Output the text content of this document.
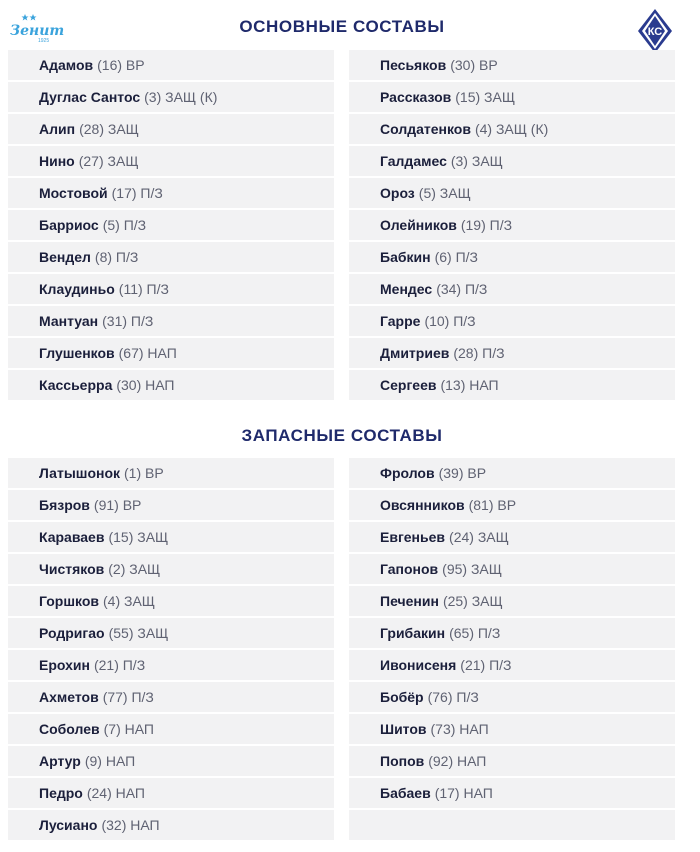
Зенит
1925
КС
ОСНОВНЫЕ СОСТАВЫ
Адамов (16) ВР
Дуглас Сантос (3) ЗАЩ (К)
Алип (28) ЗАЩ
Нино (27) ЗАЩ
Мостовой (17) П/З
Барриос (5) П/З
Вендел (8) П/З
Клаудиньо (11) П/З
Мантуан (31) П/З
Глушенков (67) НАП
Кассьерра (30) НАП
Песьяков (30) ВР
Рассказов (15) ЗАЩ
Солдатенков (4) ЗАЩ (К)
Галдамес (3) ЗАЩ
Ороз (5) ЗАЩ
Олейников (19) П/З
Бабкин (6) П/З
Мендес (34) П/З
Гарре (10) П/З
Дмитриев (28) П/З
Сергеев (13) НАП
ЗАПАСНЫЕ СОСТАВЫ
Латышонок (1) ВР
Бязров (91) ВР
Караваев (15) ЗАЩ
Чистяков (2) ЗАЩ
Горшков (4) ЗАЩ
Родригао (55) ЗАЩ
Ерохин (21) П/З
Ахметов (77) П/З
Соболев (7) НАП
Артур (9) НАП
Педро (24) НАП
Лусиано (32) НАП
Фролов (39) ВР
Овсянников (81) ВР
Евгеньев (24) ЗАЩ
Гапонов (95) ЗАЩ
Печенин (25) ЗАЩ
Грибакин (65) П/З
Ивонисеня (21) П/З
Бобёр (76) П/З
Шитов (73) НАП
Попов (92) НАП
Бабаев (17) НАП
